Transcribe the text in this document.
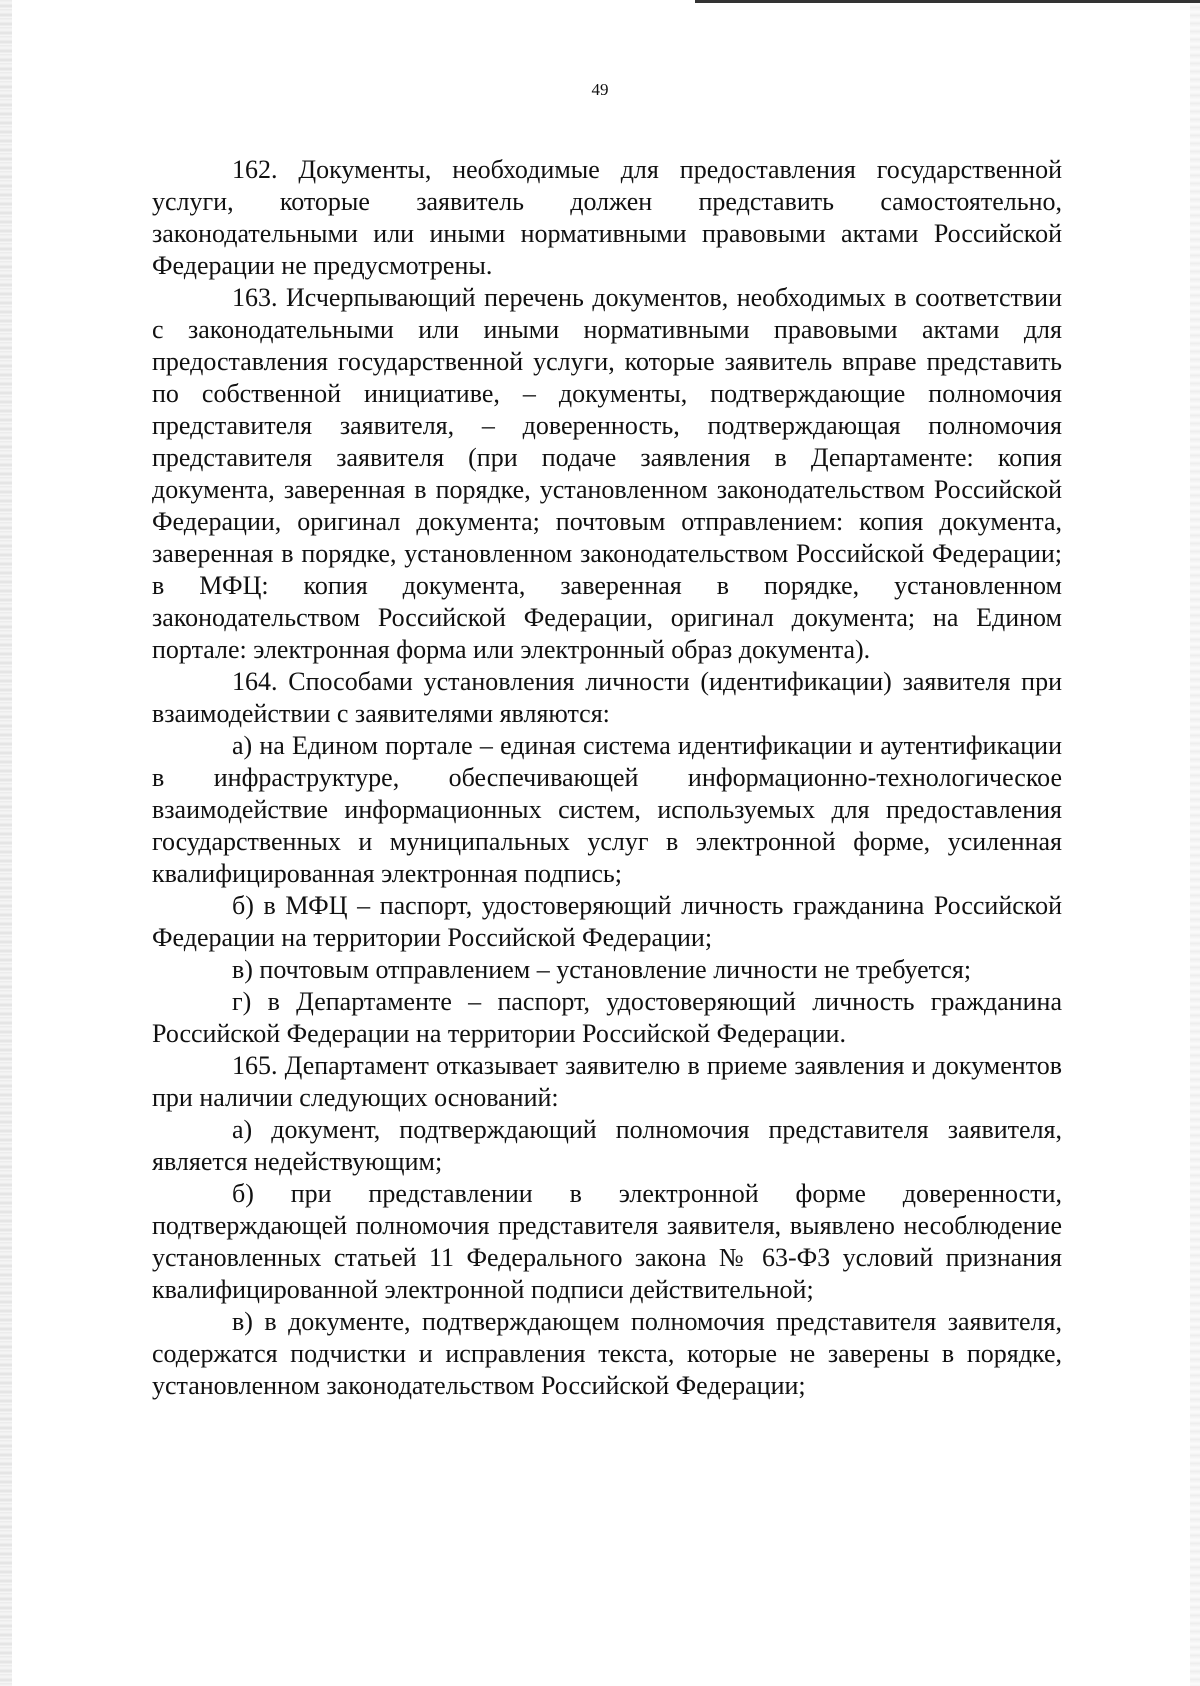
49

162. Документы, необходимые для предоставления государственной услуги, которые заявитель должен представить самостоятельно, законодательными или иными нормативными правовыми актами Российской Федерации не предусмотрены.

163. Исчерпывающий перечень документов, необходимых в соответствии с законодательными или иными нормативными правовыми актами для предоставления государственной услуги, которые заявитель вправе представить по собственной инициативе, – документы, подтверждающие полномочия представителя заявителя, – доверенность, подтверждающая полномочия представителя заявителя (при подаче заявления в Департаменте: копия документа, заверенная в порядке, установленном законодательством Российской Федерации, оригинал документа; почтовым отправлением: копия документа, заверенная в порядке, установленном законодательством Российской Федерации; в МФЦ: копия документа, заверенная в порядке, установленном законодательством Российской Федерации, оригинал документа; на Едином портале: электронная форма или электронный образ документа).

164. Способами установления личности (идентификации) заявителя при взаимодействии с заявителями являются:

а) на Едином портале – единая система идентификации и аутентификации в инфраструктуре, обеспечивающей информационно-технологическое взаимодействие информационных систем, используемых для предоставления государственных и муниципальных услуг в электронной форме, усиленная квалифицированная электронная подпись;

б) в МФЦ – паспорт, удостоверяющий личность гражданина Российской Федерации на территории Российской Федерации;

в) почтовым отправлением – установление личности не требуется;

г) в Департаменте – паспорт, удостоверяющий личность гражданина Российской Федерации на территории Российской Федерации.

165. Департамент отказывает заявителю в приеме заявления и документов при наличии следующих оснований:

а) документ, подтверждающий полномочия представителя заявителя, является недействующим;

б) при представлении в электронной форме доверенности, подтверждающей полномочия представителя заявителя, выявлено несоблюдение установленных статьей 11 Федерального закона № 63-ФЗ условий признания квалифицированной электронной подписи действительной;

в) в документе, подтверждающем полномочия представителя заявителя, содержатся подчистки и исправления текста, которые не заверены в порядке, установленном законодательством Российской Федерации;
